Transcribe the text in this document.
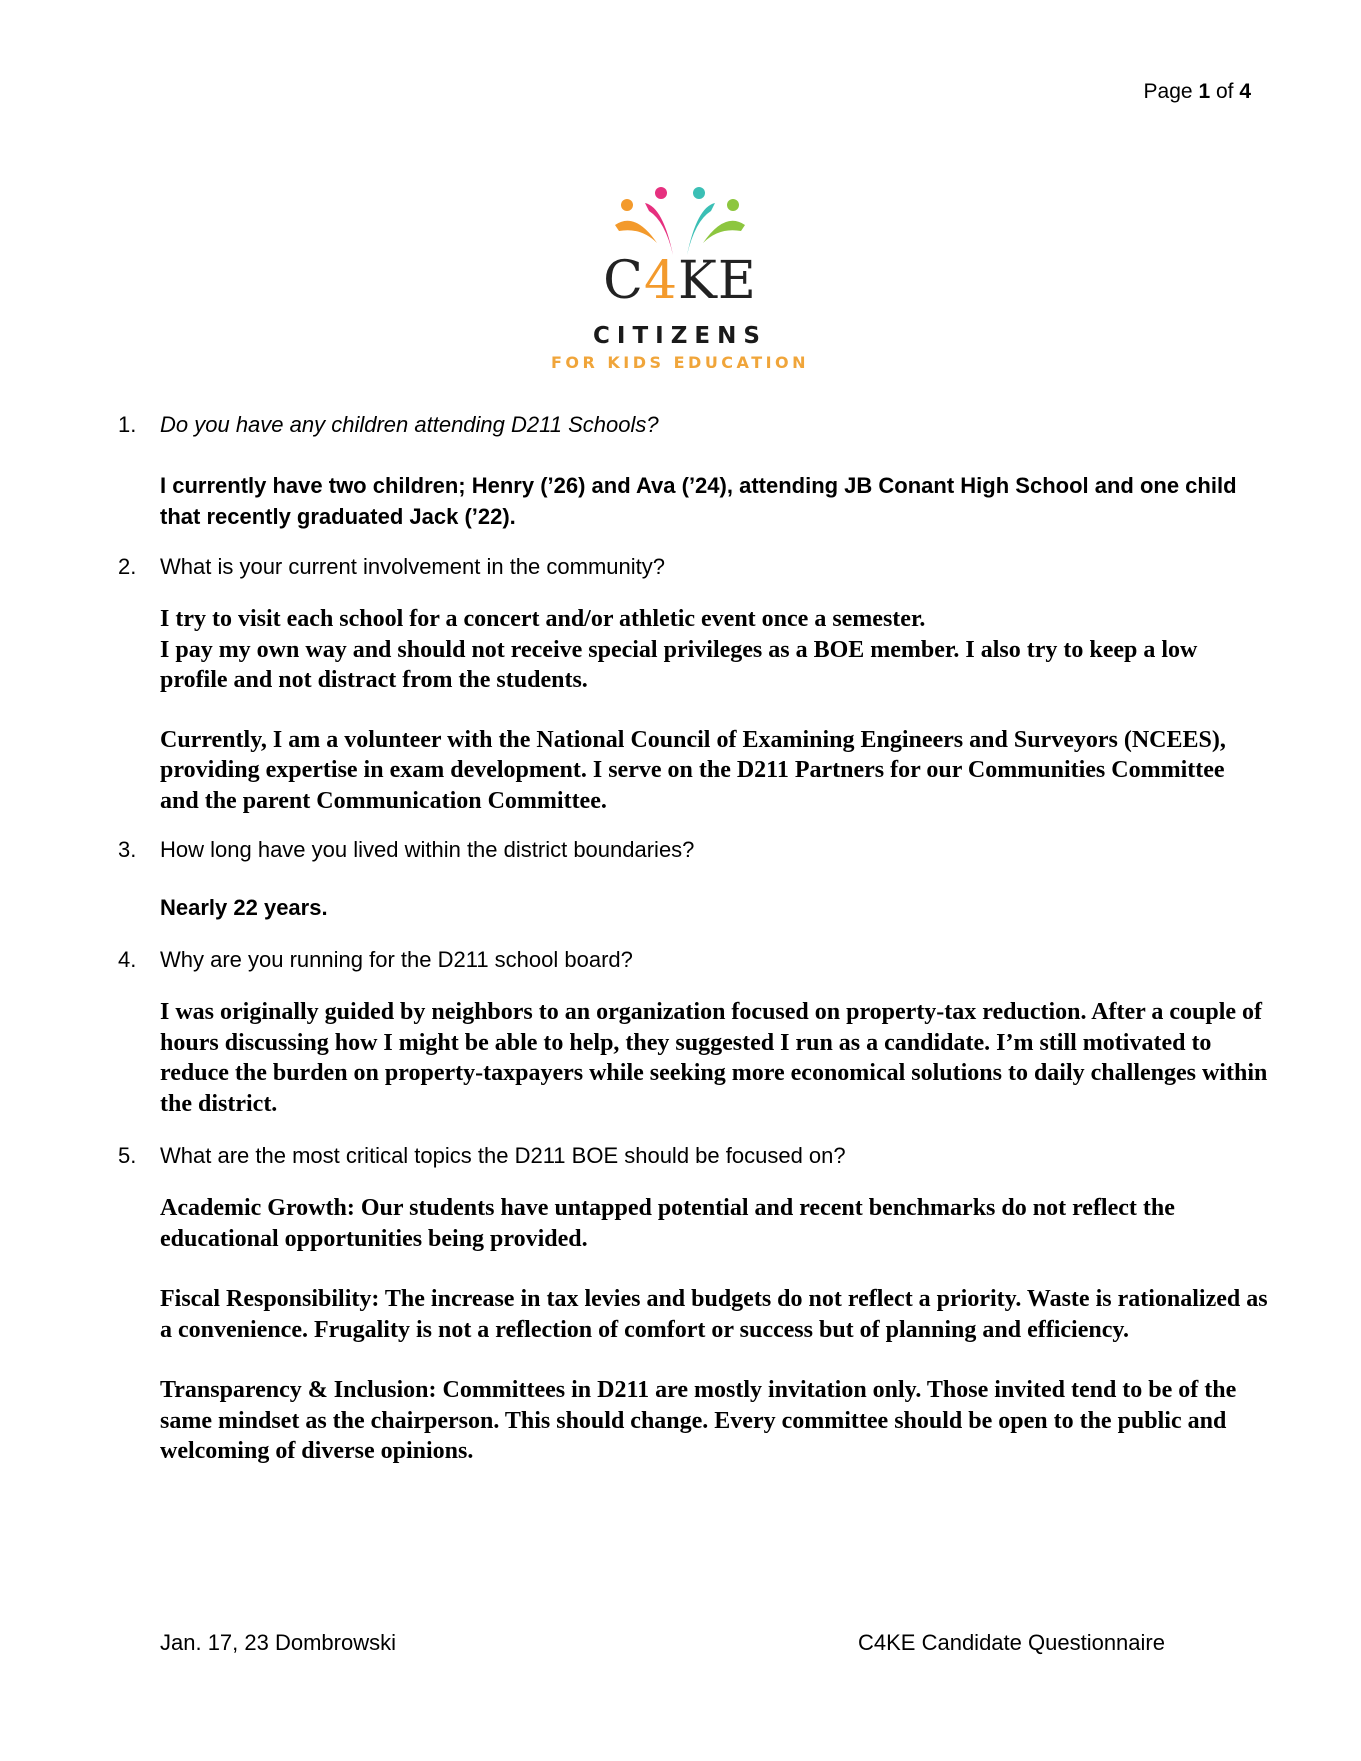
Page 1 of 4
C4KE
CITIZENS
FOR KIDS EDUCATION
1.	Do you have any children attending D211 Schools?

I currently have two children; Henry (’26) and Ava (’24), attending JB Conant High School and one child that recently graduated Jack (’22).

2.	What is your current involvement in the community?

I try to visit each school for a concert and/or athletic event once a semester.

I pay my own way and should not receive special privileges as a BOE member. I also try to keep a low profile and not distract from the students.

Currently, I am a volunteer with the National Council of Examining Engineers and Surveyors (NCEES), providing expertise in exam development. I serve on the D211 Partners for our Communities Committee and the parent Communication Committee.

3.	How long have you lived within the district boundaries?

Nearly 22 years.

4.	Why are you running for the D211 school board?

I was originally guided by neighbors to an organization focused on property-tax reduction. After a couple of hours discussing how I might be able to help, they suggested I run as a candidate. I’m still motivated to reduce the burden on property-taxpayers while seeking more economical solutions to daily challenges within the district.

5.	What are the most critical topics the D211 BOE should be focused on?

Academic Growth: Our students have untapped potential and recent benchmarks do not reflect the educational opportunities being provided.

Fiscal Responsibility: The increase in tax levies and budgets do not reflect a priority. Waste is rationalized as a convenience. Frugality is not a reflection of comfort or success but of planning and efficiency.

Transparency & Inclusion: Committees in D211 are mostly invitation only. Those invited tend to be of the same mindset as the chairperson. This should change. Every committee should be open to the public and welcoming of diverse opinions.

Jan. 17, 23 Dombrowski	C4KE Candidate Questionnaire
